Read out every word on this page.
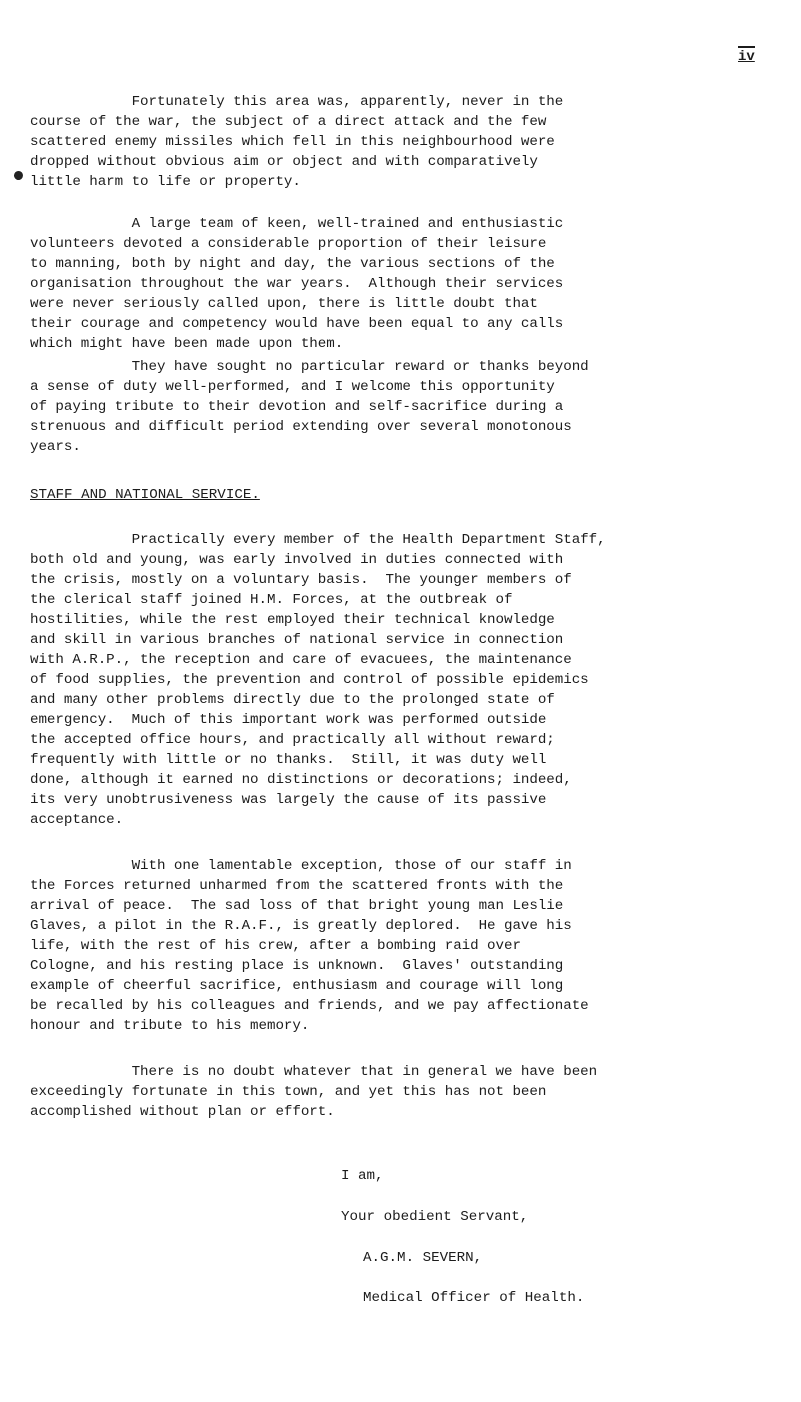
iv

Fortunately this area was, apparently, never in the
course of the war, the subject of a direct attack and the few
scattered enemy missiles which fell in this neighbourhood were
dropped without obvious aim or object and with comparatively
little harm to life or property.

A large team of keen, well-trained and enthusiastic
volunteers devoted a considerable proportion of their leisure
to manning, both by night and day, the various sections of the
organisation throughout the war years.  Although their services
were never seriously called upon, there is little doubt that
their courage and competency would have been equal to any calls
which might have been made upon them.

They have sought no particular reward or thanks beyond
a sense of duty well-performed, and I welcome this opportunity
of paying tribute to their devotion and self-sacrifice during a
strenuous and difficult period extending over several monotonous
years.

STAFF AND NATIONAL SERVICE.

Practically every member of the Health Department Staff,
both old and young, was early involved in duties connected with
the crisis, mostly on a voluntary basis.  The younger members of
the clerical staff joined H.M. Forces, at the outbreak of
hostilities, while the rest employed their technical knowledge
and skill in various branches of national service in connection
with A.R.P., the reception and care of evacuees, the maintenance
of food supplies, the prevention and control of possible epidemics
and many other problems directly due to the prolonged state of
emergency.  Much of this important work was performed outside
the accepted office hours, and practically all without reward;
frequently with little or no thanks.  Still, it was duty well
done, although it earned no distinctions or decorations; indeed,
its very unobtrusiveness was largely the cause of its passive
acceptance.

With one lamentable exception, those of our staff in
the Forces returned unharmed from the scattered fronts with the
arrival of peace.  The sad loss of that bright young man Leslie
Glaves, a pilot in the R.A.F., is greatly deplored.  He gave his
life, with the rest of his crew, after a bombing raid over
Cologne, and his resting place is unknown.  Glaves' outstanding
example of cheerful sacrifice, enthusiasm and courage will long
be recalled by his colleagues and friends, and we pay affectionate
honour and tribute to his memory.

There is no doubt whatever that in general we have been
exceedingly fortunate in this town, and yet this has not been
accomplished without plan or effort.

I am,
Your obedient Servant,
A.G.M. SEVERN,
Medical Officer of Health.
